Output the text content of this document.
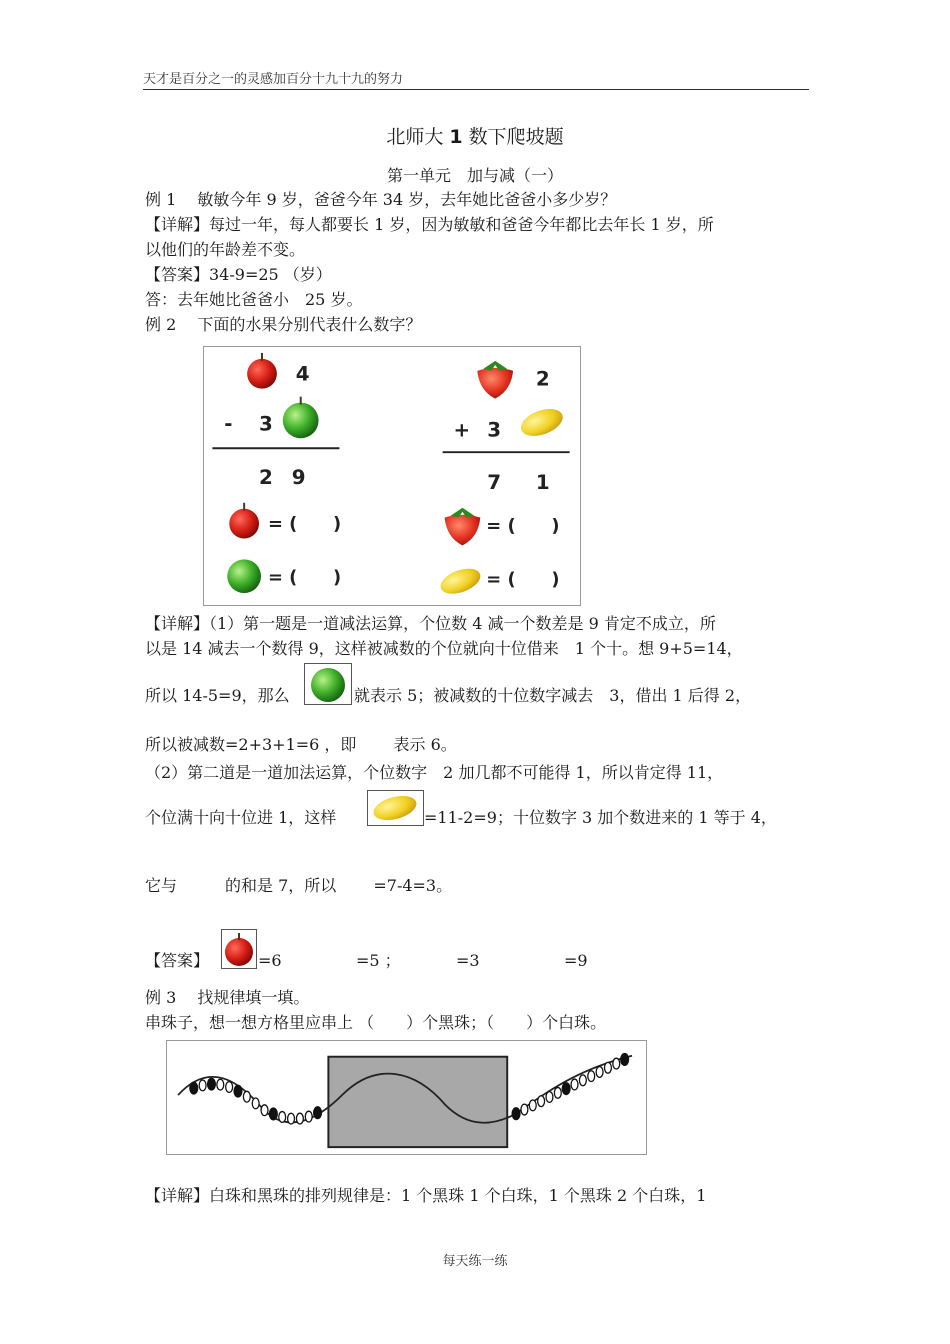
天才是百分之一的灵感加百分十九十九的努力
北师大 1 数下爬坡题
第一单元　加与减（一）
例 1　 敏敏今年 9 岁，爸爸今年 34 岁，去年她比爸爸小多少岁？
【详解】每过一年，每人都要长 1 岁，因为敏敏和爸爸今年都比去年长 1 岁，所
以他们的年龄差不变。
【答案】34-9=25 （岁）
答：去年她比爸爸小　25 岁。
例 2　 下面的水果分别代表什么数字？
4
- 3
2 9
= (　　)
= (　　)
2
+ 3
7 1
= (　　)
= (　　)
【详解】（1）第一题是一道减法运算，个位数 4 减一个数差是 9 肯定不成立，所
以是 14 减去一个数得 9，这样被减数的个位就向十位借来　1 个十。想 9+5=14，
所以 14-5=9，那么	就表示 5；被减数的十位数字减去　3，借出 1 后得 2，
所以被减数=2+3+1=6 ，即　　 表示 6。
（2）第二道是一道加法运算，个位数字　2 加几都不可能得 1，所以肯定得 11，
个位满十向十位进 1，这样	=11-2=9；十位数字 3 加个数进来的 1 等于 4，
它与　　　的和是 7，所以　　 =7-4=3。
【答案】	=6	=5 ；	=3	=9
例 3　 找规律填一填。
串珠子，想一想方格里应串上 （　　）个黑珠；（　　）个白珠。
【详解】白珠和黑珠的排列规律是：1 个黑珠 1 个白珠，1 个黑珠 2 个白珠，1
每天练一练
